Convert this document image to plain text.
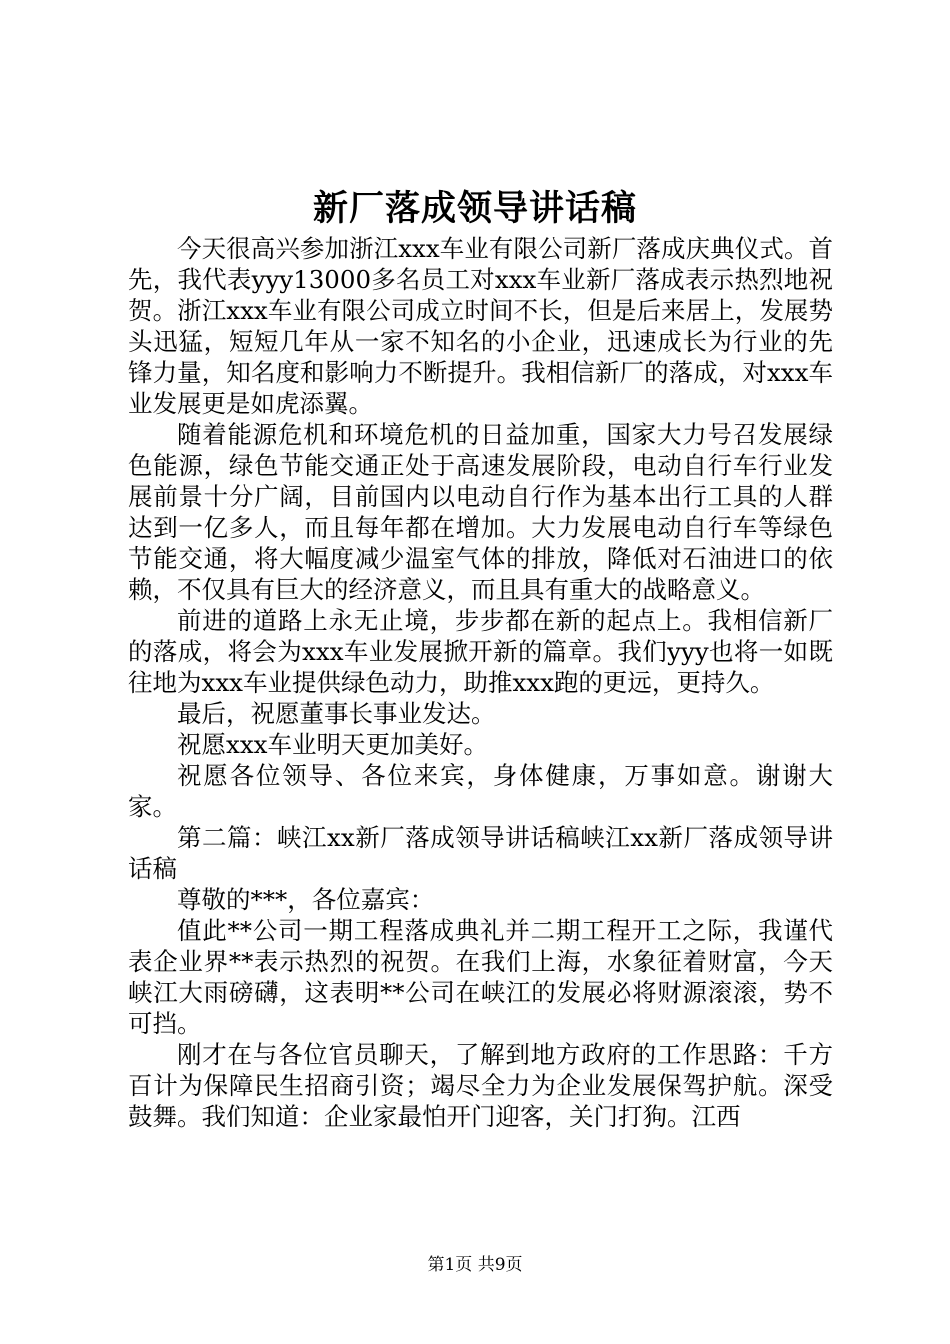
新厂落成领导讲话稿

今天很高兴参加浙江xxx车业有限公司新厂落成庆典仪式。首先，我代表yyy13000多名员工对xxx车业新厂落成表示热烈地祝贺。浙江xxx车业有限公司成立时间不长，但是后来居上，发展势头迅猛，短短几年从一家不知名的小企业，迅速成长为行业的先锋力量，知名度和影响力不断提升。我相信新厂的落成，对xxx车业发展更是如虎添翼。

随着能源危机和环境危机的日益加重，国家大力号召发展绿色能源，绿色节能交通正处于高速发展阶段，电动自行车行业发展前景十分广阔，目前国内以电动自行作为基本出行工具的人群达到一亿多人，而且每年都在增加。大力发展电动自行车等绿色节能交通，将大幅度减少温室气体的排放，降低对石油进口的依赖，不仅具有巨大的经济意义，而且具有重大的战略意义。

前进的道路上永无止境，步步都在新的起点上。我相信新厂的落成，将会为xxx车业发展掀开新的篇章。我们yyy也将一如既往地为xxx车业提供绿色动力，助推xxx跑的更远，更持久。

最后，祝愿董事长事业发达。

祝愿xxx车业明天更加美好。

祝愿各位领导、各位来宾，身体健康，万事如意。谢谢大家。

第二篇：峡江xx新厂落成领导讲话稿峡江xx新厂落成领导讲话稿

尊敬的***，各位嘉宾：

值此**公司一期工程落成典礼并二期工程开工之际，我谨代表企业界**表示热烈的祝贺。在我们上海，水象征着财富，今天峡江大雨磅礴，这表明**公司在峡江的发展必将财源滚滚，势不可挡。

刚才在与各位官员聊天，了解到地方政府的工作思路：千方百计为保障民生招商引资；竭尽全力为企业发展保驾护航。深受鼓舞。我们知道：企业家最怕开门迎客，关门打狗。江西

第1页 共9页
